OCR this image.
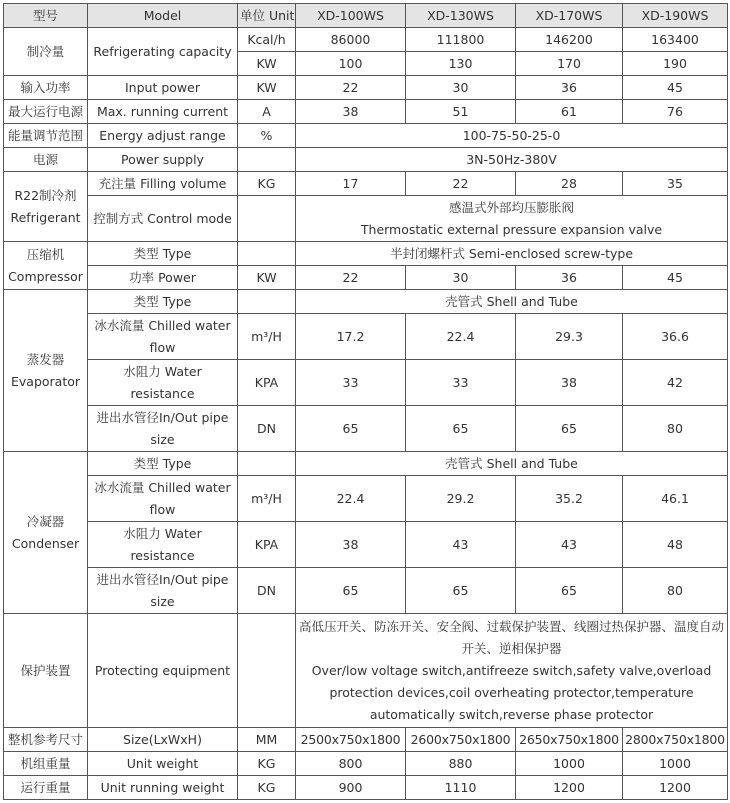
型号	Model	单位 Unit	XD-100WS	XD-130WS	XD-170WS	XD-190WS
制冷量	Refrigerating capacity	Kcal/h	86000	111800	146200	163400
		KW	100	130	170	190
输入功率	Input power	KW	22	30	36	45
最大运行电源	Max. running current	A	38	51	61	76
能量调节范围	Energy adjust range	%	100-75-50-25-0			
电源	Power supply		3N-50Hz-380V			

R22制冷剂
Refrigerant	充注量 Filling volume	KG	17	22	28	35
	控制方式 Control mode		感温式外部均压膨胀阀
Thermostatic external pressure expansion valve			

压缩机
Compressor	类型 Type		半封闭螺杆式 Semi-enclosed screw-type			
	功率 Power	KW	22	30	36	45

蒸发器
Evaporator	类型 Type		壳管式 Shell and Tube			
	冰水流量 Chilled water flow	m³/H	17.2	22.4	29.3	36.6
	水阻力 Water resistance	KPA	33	33	38	42
	进出水管径In/Out pipe size	DN	65	65	65	80

冷凝器
Condenser	类型 Type		壳管式 Shell and Tube			
	冰水流量 Chilled water flow	m³/H	22.4	29.2	35.2	46.1
	水阻力 Water resistance	KPA	38	43	43	48
	进出水管径In/Out pipe size	DN	65	65	65	80
保护装置	Protecting equipment		高低压开关、防冻开关、安全阀、过载保护装置、线圈过热保护器、温度自动开关、逆相保护器
Over/low voltage switch,antifreeze switch,safety valve,overload protection devices,coil overheating protector,temperature automatically switch,reverse phase protector			

整机参考尺寸	Size(LxWxH)	MM	2500x750x1800	2600x750x1800	2650x750x1800	2800x750x1800
机组重量	Unit weight	KG	800	880	1000	1000
运行重量	Unit running weight	KG	900	1110	1200	1200
